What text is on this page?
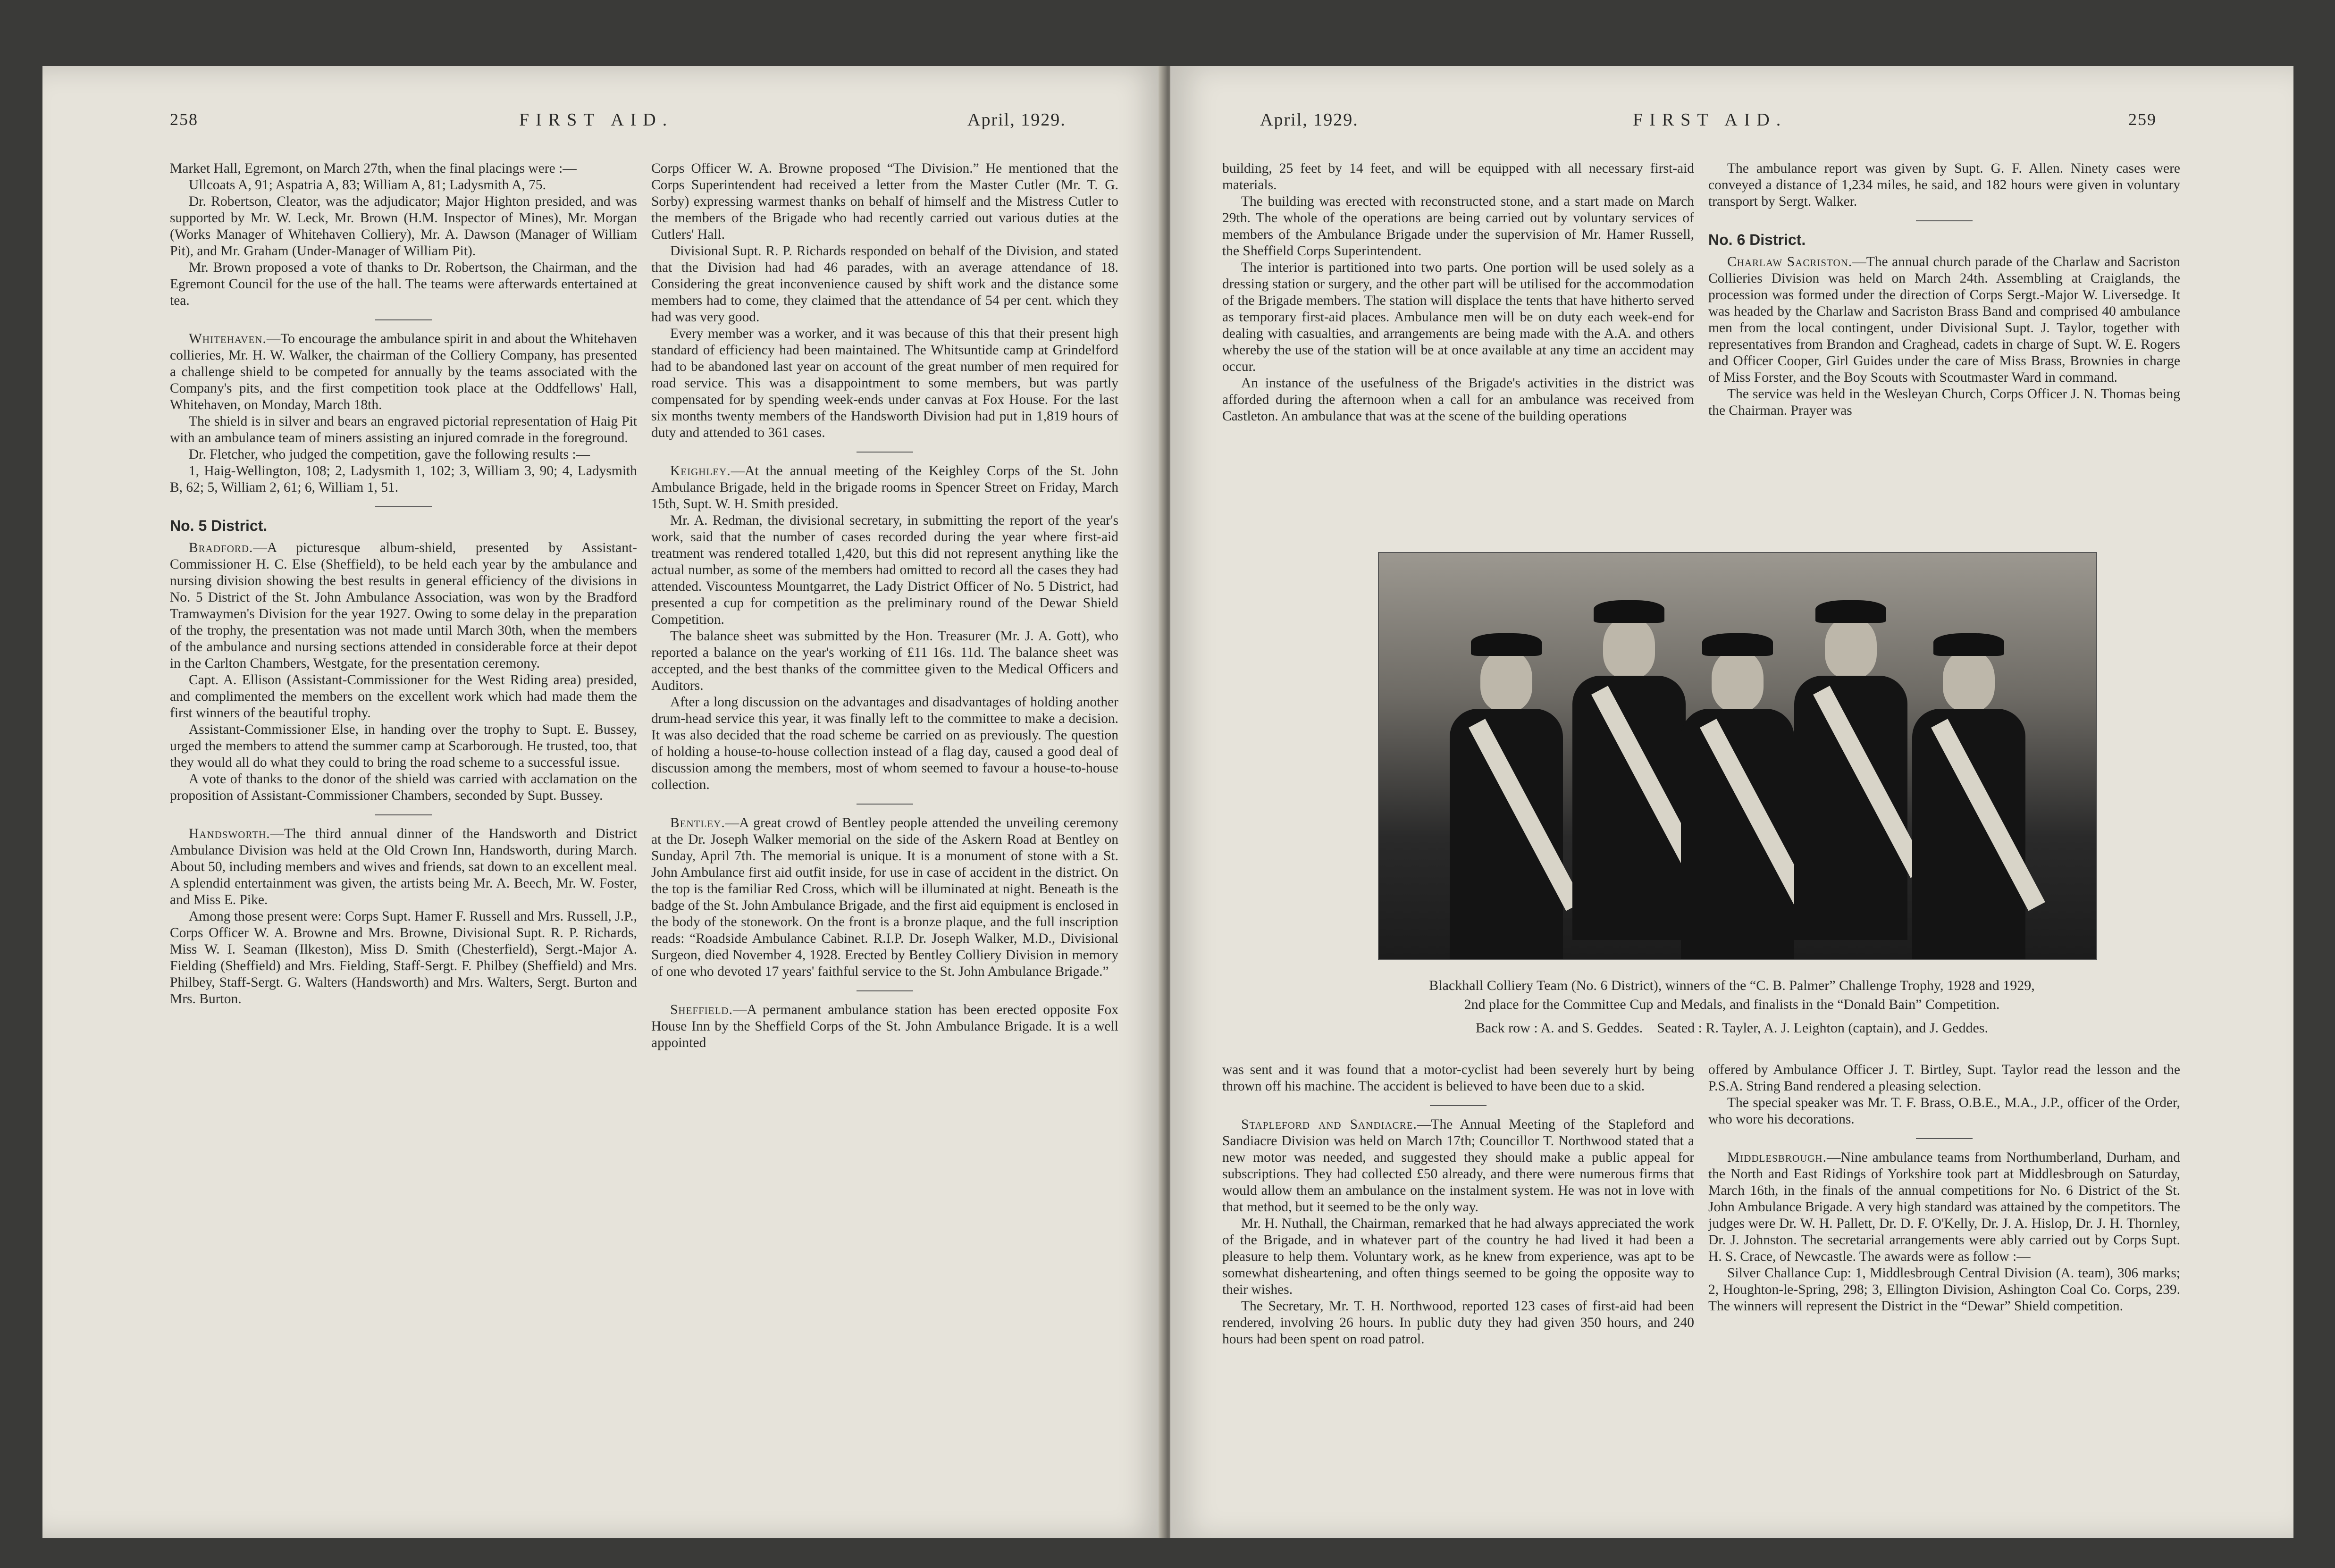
258	FIRST AID.	April, 1929.

Market Hall, Egremont, on March 27th, when the final placings were :—

Ullcoats A, 91; Aspatria A, 83; William A, 81; Ladysmith A, 75.

Dr. Robertson, Cleator, was the adjudicator; Major Highton presided, and was supported by Mr. W. Leck, Mr. Brown (H.M. Inspector of Mines), Mr. Morgan (Works Manager of Whitehaven Colliery), Mr. A. Dawson (Manager of William Pit), and Mr. Graham (Under-Manager of William Pit).

Mr. Brown proposed a vote of thanks to Dr. Robertson, the Chairman, and the Egremont Council for the use of the hall. The teams were afterwards entertained at tea.

Whitehaven.—To encourage the ambulance spirit in and about the Whitehaven collieries, Mr. H. W. Walker, the chairman of the Colliery Company, has presented a challenge shield to be competed for annually by the teams associated with the Company's pits, and the first competition took place at the Oddfellows' Hall, Whitehaven, on Monday, March 18th.

The shield is in silver and bears an engraved pictorial representation of Haig Pit with an ambulance team of miners assisting an injured comrade in the foreground.

Dr. Fletcher, who judged the competition, gave the following results :—

1, Haig-Wellington, 108; 2, Ladysmith 1, 102; 3, William 3, 90; 4, Ladysmith B, 62; 5, William 2, 61; 6, William 1, 51.

No. 5 District.

Bradford.—A picturesque album-shield, presented by Assistant-Commissioner H. C. Else (Sheffield), to be held each year by the ambulance and nursing division showing the best results in general efficiency of the divisions in No. 5 District of the St. John Ambulance Association, was won by the Bradford Tramwaymen's Division for the year 1927. Owing to some delay in the preparation of the trophy, the presentation was not made until March 30th, when the members of the ambulance and nursing sections attended in considerable force at their depot in the Carlton Chambers, Westgate, for the presentation ceremony.

Capt. A. Ellison (Assistant-Commissioner for the West Riding area) presided, and complimented the members on the excellent work which had made them the first winners of the beautiful trophy.

Assistant-Commissioner Else, in handing over the trophy to Supt. E. Bussey, urged the members to attend the summer camp at Scarborough. He trusted, too, that they would all do what they could to bring the road scheme to a successful issue.

A vote of thanks to the donor of the shield was carried with acclamation on the proposition of Assistant-Commissioner Chambers, seconded by Supt. Bussey.

Handsworth.—The third annual dinner of the Handsworth and District Ambulance Division was held at the Old Crown Inn, Handsworth, during March. About 50, including members and wives and friends, sat down to an excellent meal. A splendid entertainment was given, the artists being Mr. A. Beech, Mr. W. Foster, and Miss E. Pike.

Among those present were: Corps Supt. Hamer F. Russell and Mrs. Russell, J.P., Corps Officer W. A. Browne and Mrs. Browne, Divisional Supt. R. P. Richards, Miss W. I. Seaman (Ilkeston), Miss D. Smith (Chesterfield), Sergt.-Major A. Fielding (Sheffield) and Mrs. Fielding, Staff-Sergt. F. Philbey (Sheffield) and Mrs. Philbey, Staff-Sergt. G. Walters (Handsworth) and Mrs. Walters, Sergt. Burton and Mrs. Burton.

Corps Officer W. A. Browne proposed “The Division.” He mentioned that the Corps Superintendent had received a letter from the Master Cutler (Mr. T. G. Sorby) expressing warmest thanks on behalf of himself and the Mistress Cutler to the members of the Brigade who had recently carried out various duties at the Cutlers' Hall.

Divisional Supt. R. P. Richards responded on behalf of the Division, and stated that the Division had had 46 parades, with an average attendance of 18. Considering the great inconvenience caused by shift work and the distance some members had to come, they claimed that the attendance of 54 per cent. which they had was very good.

Every member was a worker, and it was because of this that their present high standard of efficiency had been maintained. The Whitsuntide camp at Grindelford had to be abandoned last year on account of the great number of men required for road service. This was a disappointment to some members, but was partly compensated for by spending week-ends under canvas at Fox House. For the last six months twenty members of the Handsworth Division had put in 1,819 hours of duty and attended to 361 cases.

Keighley.—At the annual meeting of the Keighley Corps of the St. John Ambulance Brigade, held in the brigade rooms in Spencer Street on Friday, March 15th, Supt. W. H. Smith presided.

Mr. A. Redman, the divisional secretary, in submitting the report of the year's work, said that the number of cases recorded during the year where first-aid treatment was rendered totalled 1,420, but this did not represent anything like the actual number, as some of the members had omitted to record all the cases they had attended. Viscountess Mountgarret, the Lady District Officer of No. 5 District, had presented a cup for competition as the preliminary round of the Dewar Shield Competition.

The balance sheet was submitted by the Hon. Treasurer (Mr. J. A. Gott), who reported a balance on the year's working of £11 16s. 11d. The balance sheet was accepted, and the best thanks of the committee given to the Medical Officers and Auditors.

After a long discussion on the advantages and disadvantages of holding another drum-head service this year, it was finally left to the committee to make a decision. It was also decided that the road scheme be carried on as previously. The question of holding a house-to-house collection instead of a flag day, caused a good deal of discussion among the members, most of whom seemed to favour a house-to-house collection.

Bentley.—A great crowd of Bentley people attended the unveiling ceremony at the Dr. Joseph Walker memorial on the side of the Askern Road at Bentley on Sunday, April 7th. The memorial is unique. It is a monument of stone with a St. John Ambulance first aid outfit inside, for use in case of accident in the district. On the top is the familiar Red Cross, which will be illuminated at night. Beneath is the badge of the St. John Ambulance Brigade, and the first aid equipment is enclosed in the body of the stonework. On the front is a bronze plaque, and the full inscription reads: “Roadside Ambulance Cabinet. R.I.P. Dr. Joseph Walker, M.D., Divisional Surgeon, died November 4, 1928. Erected by Bentley Colliery Division in memory of one who devoted 17 years' faithful service to the St. John Ambulance Brigade.”

Sheffield.—A permanent ambulance station has been erected opposite Fox House Inn by the Sheffield Corps of the St. John Ambulance Brigade. It is a well appointed

April, 1929.	FIRST AID.	259

building, 25 feet by 14 feet, and will be equipped with all necessary first-aid materials.

The building was erected with reconstructed stone, and a start made on March 29th. The whole of the operations are being carried out by voluntary services of members of the Ambulance Brigade under the supervision of Mr. Hamer Russell, the Sheffield Corps Superintendent.

The interior is partitioned into two parts. One portion will be used solely as a dressing station or surgery, and the other part will be utilised for the accommodation of the Brigade members. The station will displace the tents that have hitherto served as temporary first-aid places. Ambulance men will be on duty each week-end for dealing with casualties, and arrangements are being made with the A.A. and others whereby the use of the station will be at once available at any time an accident may occur.

An instance of the usefulness of the Brigade's activities in the district was afforded during the afternoon when a call for an ambulance was received from Castleton. An ambulance that was at the scene of the building operations

The ambulance report was given by Supt. G. F. Allen. Ninety cases were conveyed a distance of 1,234 miles, he said, and 182 hours were given in voluntary transport by Sergt. Walker.

No. 6 District.

Charlaw Sacriston.—The annual church parade of the Charlaw and Sacriston Collieries Division was held on March 24th. Assembling at Craiglands, the procession was formed under the direction of Corps Sergt.-Major W. Liversedge. It was headed by the Charlaw and Sacriston Brass Band and comprised 40 ambulance men from the local contingent, under Divisional Supt. J. Taylor, together with representatives from Brandon and Craghead, cadets in charge of Supt. W. E. Rogers and Officer Cooper, Girl Guides under the care of Miss Brass, Brownies in charge of Miss Forster, and the Boy Scouts with Scoutmaster Ward in command.

The service was held in the Wesleyan Church, Corps Officer J. N. Thomas being the Chairman. Prayer was

Blackhall Colliery Team (No. 6 District), winners of the “C. B. Palmer” Challenge Trophy, 1928 and 1929,
2nd place for the Committee Cup and Medals, and finalists in the “Donald Bain” Competition.
Back row : A. and S. Geddes.    Seated : R. Tayler, A. J. Leighton (captain), and J. Geddes.

was sent and it was found that a motor-cyclist had been severely hurt by being thrown off his machine. The accident is believed to have been due to a skid.

Stapleford and Sandiacre.—The Annual Meeting of the Stapleford and Sandiacre Division was held on March 17th; Councillor T. Northwood stated that a new motor was needed, and suggested they should make a public appeal for subscriptions. They had collected £50 already, and there were numerous firms that would allow them an ambulance on the instalment system. He was not in love with that method, but it seemed to be the only way.

Mr. H. Nuthall, the Chairman, remarked that he had always appreciated the work of the Brigade, and in whatever part of the country he had lived it had been a pleasure to help them. Voluntary work, as he knew from experience, was apt to be somewhat disheartening, and often things seemed to be going the opposite way to their wishes.

The Secretary, Mr. T. H. Northwood, reported 123 cases of first-aid had been rendered, involving 26 hours. In public duty they had given 350 hours, and 240 hours had been spent on road patrol.

offered by Ambulance Officer J. T. Birtley, Supt. Taylor read the lesson and the P.S.A. String Band rendered a pleasing selection.

The special speaker was Mr. T. F. Brass, O.B.E., M.A., J.P., officer of the Order, who wore his decorations.

Middlesbrough.—Nine ambulance teams from Northumberland, Durham, and the North and East Ridings of Yorkshire took part at Middlesbrough on Saturday, March 16th, in the finals of the annual competitions for No. 6 District of the St. John Ambulance Brigade. A very high standard was attained by the competitors. The judges were Dr. W. H. Pallett, Dr. D. F. O'Kelly, Dr. J. A. Hislop, Dr. J. H. Thornley, Dr. J. Johnston. The secretarial arrangements were ably carried out by Corps Supt. H. S. Crace, of Newcastle. The awards were as follow :—

Silver Challance Cup: 1, Middlesbrough Central Division (A. team), 306 marks; 2, Houghton-le-Spring, 298; 3, Ellington Division, Ashington Coal Co. Corps, 239. The winners will represent the District in the “Dewar” Shield competition.
